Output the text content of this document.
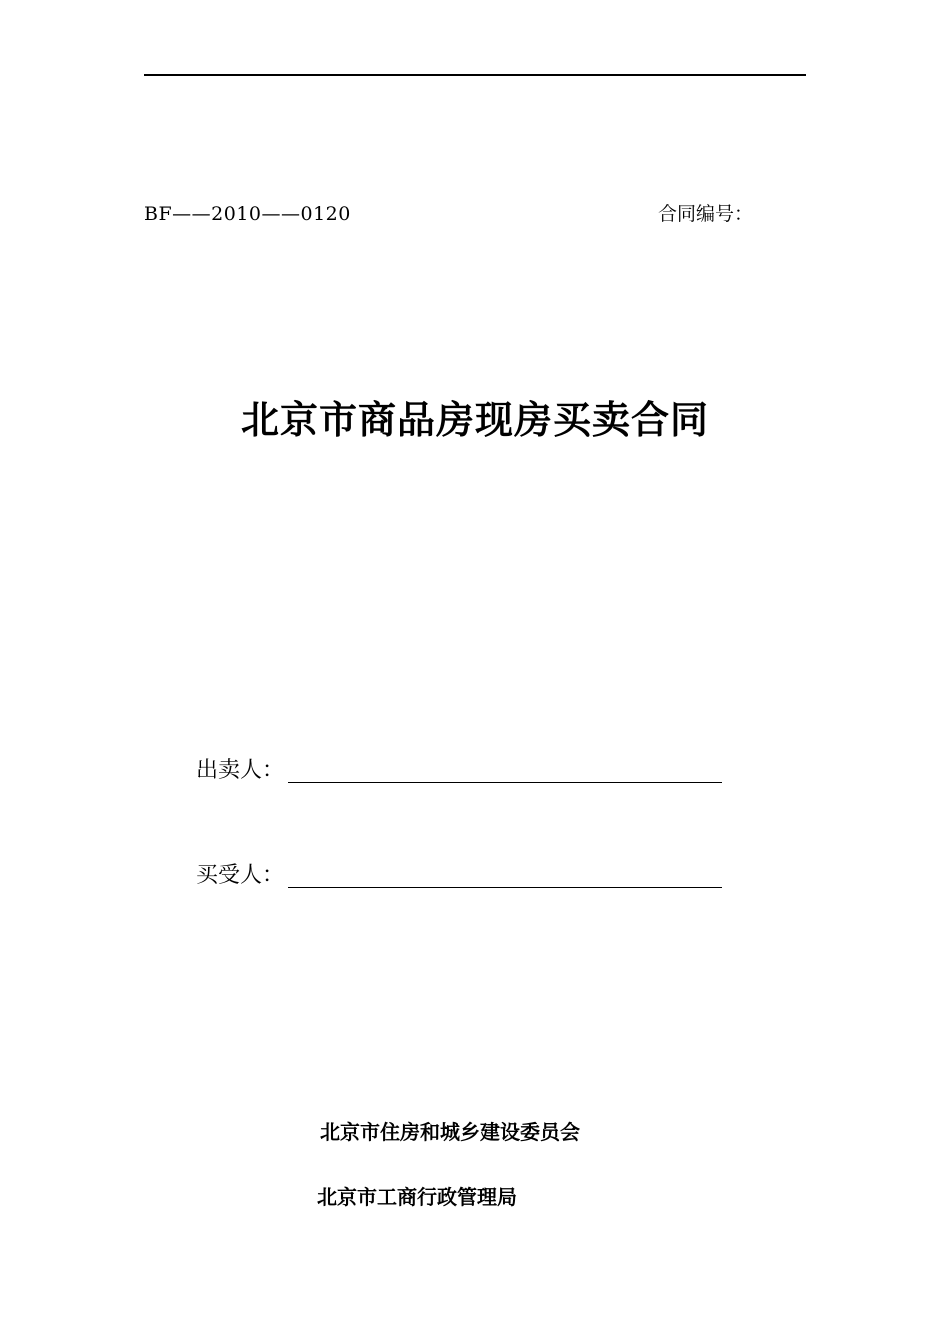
BF——2010——0120	合同编号：
北京市商品房现房买卖合同
出卖人：
买受人：
北京市住房和城乡建设委员会
北京市工商行政管理局
